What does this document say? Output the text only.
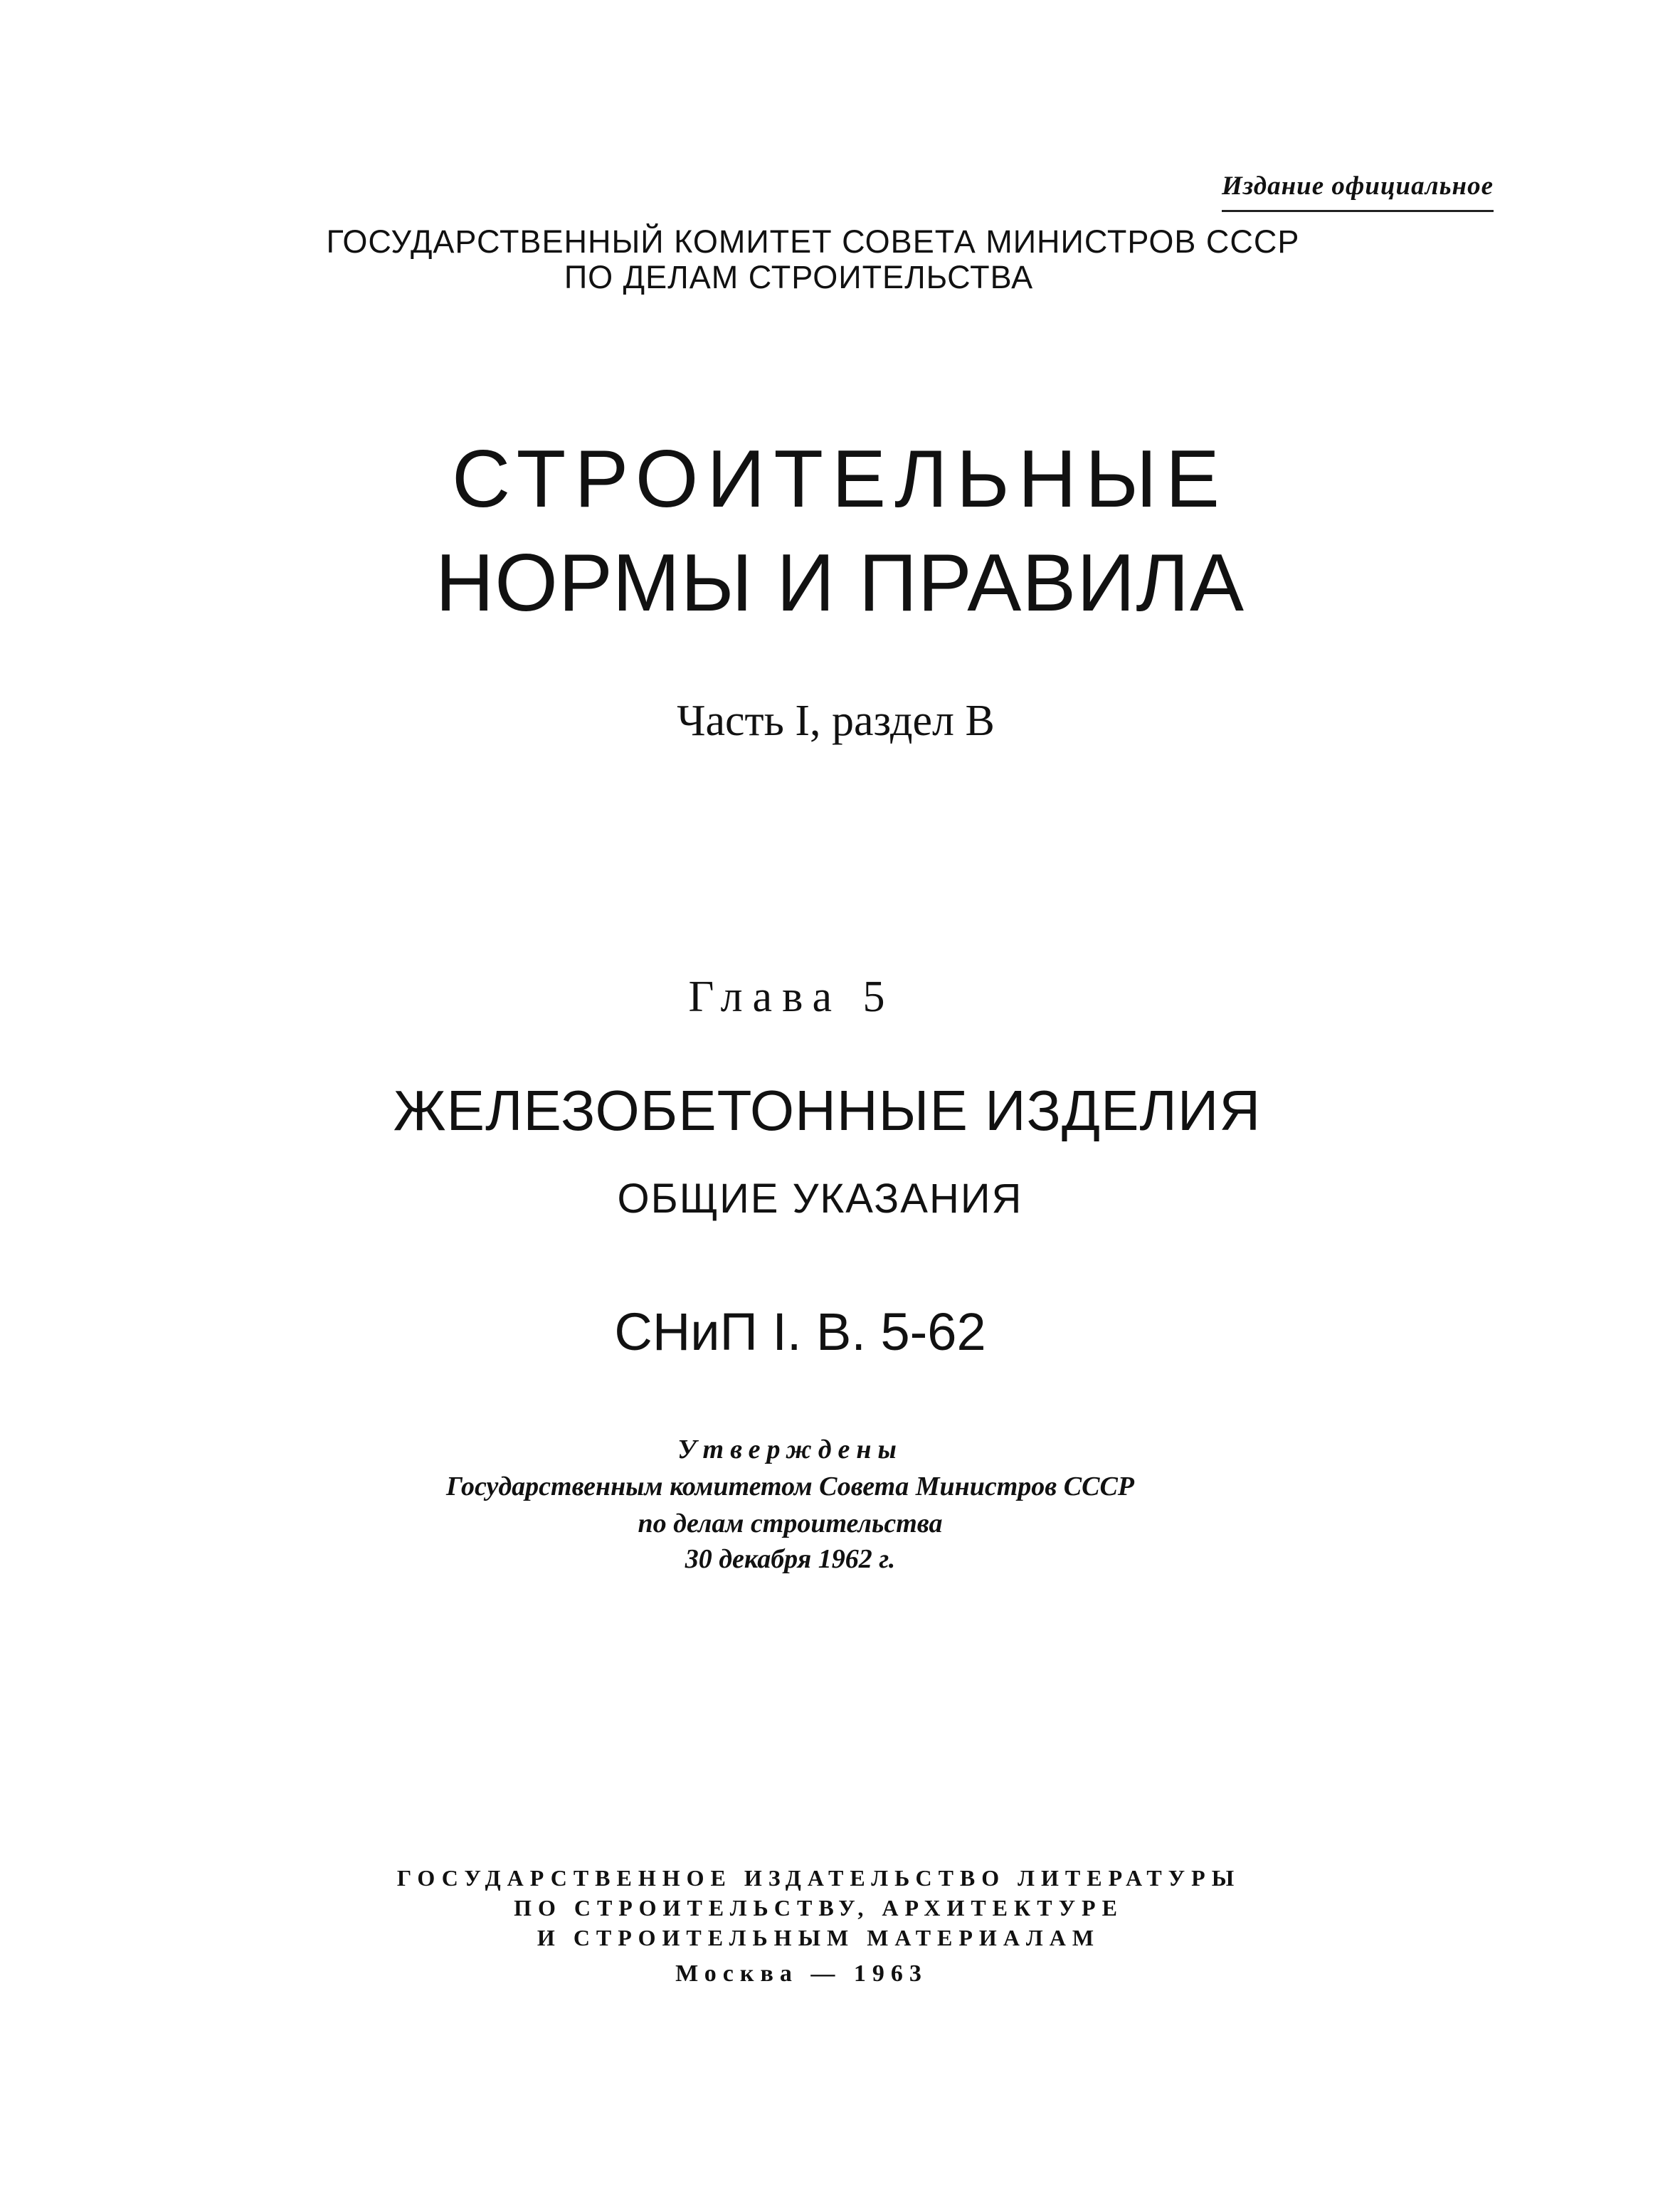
Издание официальное
ГОСУДАРСТВЕННЫЙ КОМИТЕТ СОВЕТА МИНИСТРОВ СССР
ПО ДЕЛАМ СТРОИТЕЛЬСТВА
СТРОИТЕЛЬНЫЕ
НОРМЫ И ПРАВИЛА
Часть I, раздел В
Глава 5
ЖЕЛЕЗОБЕТОННЫЕ ИЗДЕЛИЯ
ОБЩИЕ УКАЗАНИЯ
СНиП I. В. 5-62
Утверждены
Государственным комитетом Совета Министров СССР
по делам строительства
30 декабря 1962 г.
ГОСУДАРСТВЕННОЕ ИЗДАТЕЛЬСТВО ЛИТЕРАТУРЫ
ПО СТРОИТЕЛЬСТВУ, АРХИТЕКТУРЕ
И СТРОИТЕЛЬНЫМ МАТЕРИАЛАМ
Москва — 1963
